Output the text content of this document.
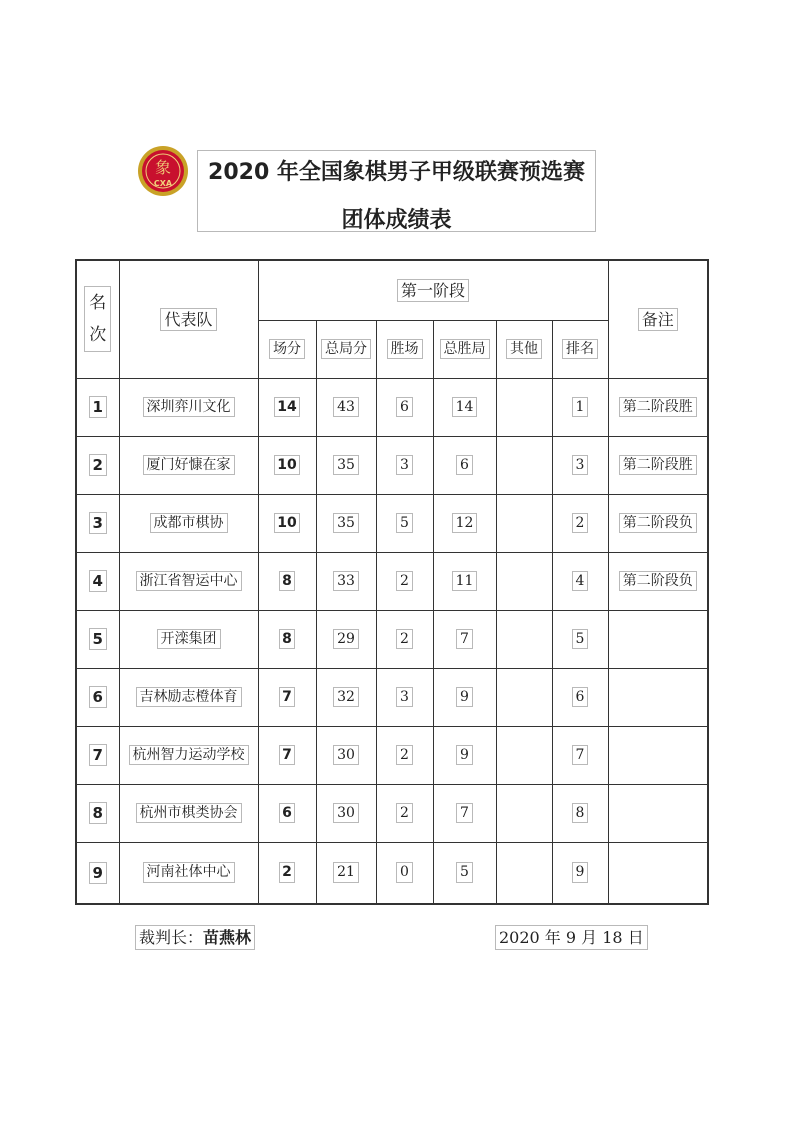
象
CXA	2020 年全国象棋男子甲级联赛预选赛
团体成绩表
名次	代表队	第一阶段						备注
		场分	总局分	胜场	总胜局	其他	排名	
1	深圳弈川文化	14	43	6	14		1	第二阶段胜
2	厦门好慷在家	10	35	3	6		3	第二阶段胜
3	成都市棋协	10	35	5	12		2	第二阶段负
4	浙江省智运中心	8	33	2	11		4	第二阶段负
5	开滦集团	8	29	2	7		5	
6	吉林励志橙体育	7	32	3	9		6	
7	杭州智力运动学校	7	30	2	9		7	
8	杭州市棋类协会	6	30	2	7		8	
9	河南社体中心	2	21	0	5		9	
裁判长：苗燕林	2020 年 9 月 18 日
